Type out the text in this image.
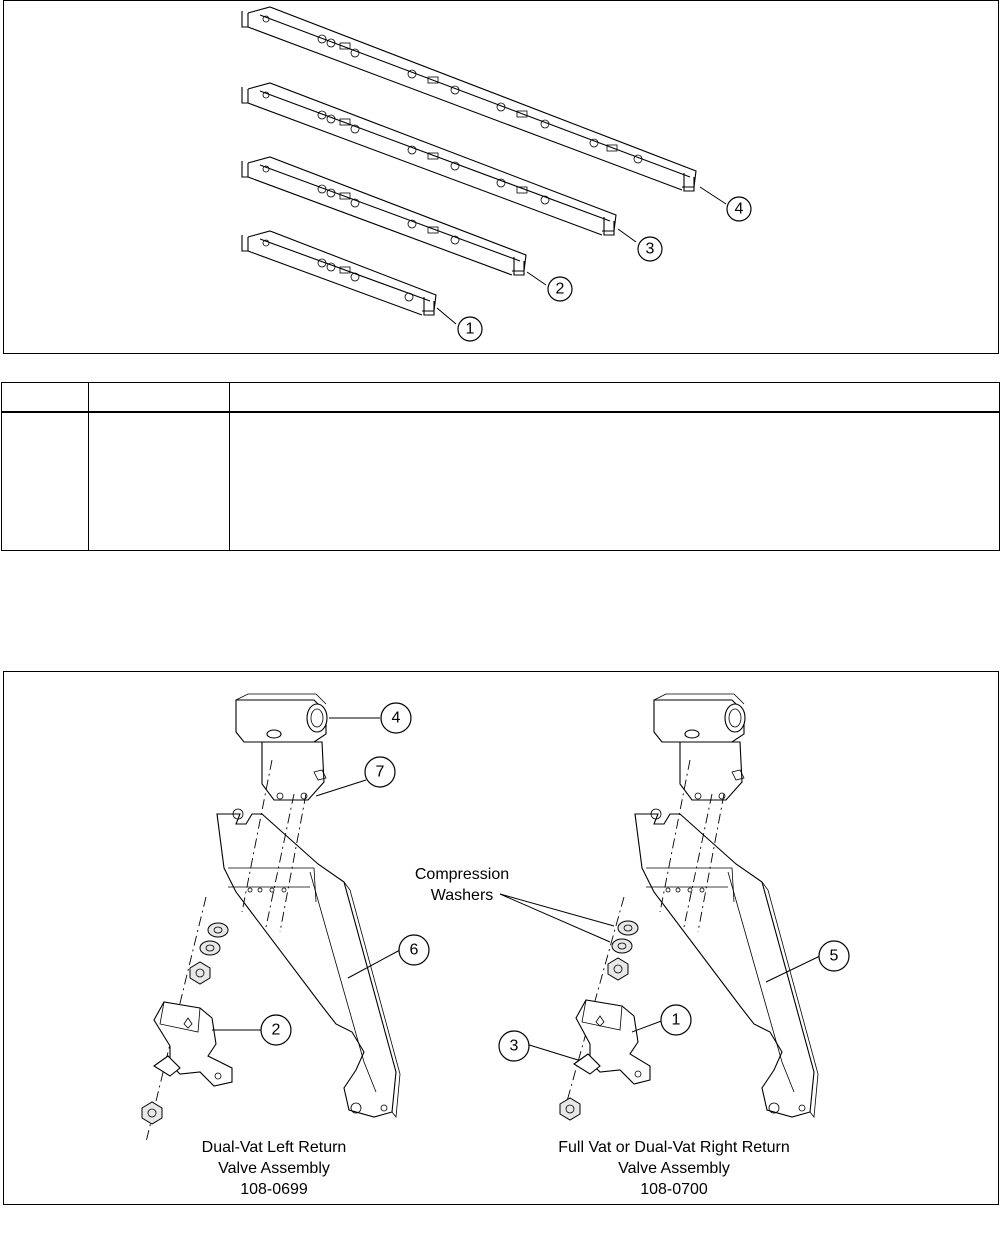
1
2
3
4

4
7
6
2
5
1
3
Compression
Washers
Dual-Vat Left Return
Valve Assembly
108-0699
Full Vat or Dual-Vat Right Return
Valve Assembly
108-0700
